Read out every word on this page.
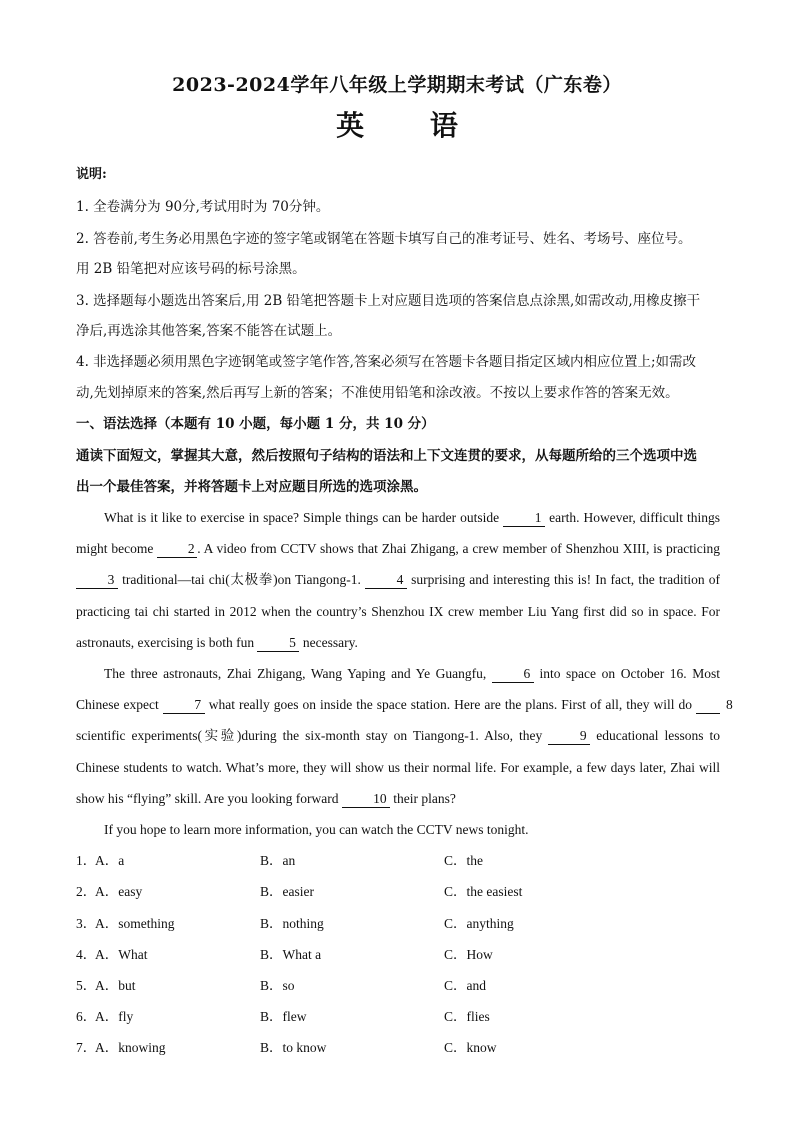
2023-2024学年八年级上学期期末考试（广东卷）
英 语
说明:
1. 全卷满分为 90分,考试用时为 70分钟。
2. 答卷前,考生务必用黑色字迹的签字笔或钢笔在答题卡填写自己的准考证号、姓名、考场号、座位号。
用 2B 铅笔把对应该号码的标号涂黑。
3. 选择题每小题选出答案后,用 2B 铅笔把答题卡上对应题目选项的答案信息点涂黑,如需改动,用橡皮擦干
净后,再选涂其他答案,答案不能答在试题上。
4. 非选择题必须用黑色字迹钢笔或签字笔作答,答案必须写在答题卡各题目指定区域内相应位置上;如需改
动,先划掉原来的答案,然后再写上新的答案；不准使用铅笔和涂改液。不按以上要求作答的答案无效。
一、语法选择（本题有 10 小题，每小题 1 分，共 10 分）
通读下面短文，掌握其大意，然后按照句子结构的语法和上下文连贯的要求，从每题所给的三个选项中选
出一个最佳答案，并将答题卡上对应题目所选的选项涂黑。

What is it like to exercise in space? Simple things can be harder outside 1 earth. However, difficult things might become 2 . A video from CCTV shows that Zhai Zhigang, a crew member of Shenzhou XIII, is practicing 3 traditional—tai chi(太极拳)on Tiangong-1. 4 surprising and interesting this is! In fact, the tradition of practicing tai chi started in 2012 when the country’s Shenzhou IX crew member Liu Yang first did so in space. For astronauts, exercising is both fun 5 necessary.

The three astronauts, Zhai Zhigang, Wang Yaping and Ye Guangfu, 6 into space on October 16. Most Chinese expect 7 what really goes on inside the space station. Here are the plans. First of all, they will do 8 scientific experiments(实验)during the six-month stay on Tiangong-1. Also, they 9 educational lessons to Chinese students to watch. What’s more, they will show us their normal life. For example, a few days later, Zhai will show his “flying” skill. Are you looking forward 10 their plans?

If you hope to learn more information, you can watch the CCTV news tonight.

1．
A．a	B．an	C．the
2．
A．easy	B．easier	C．the easiest
3．
A．something	B．nothing	C．anything
4．
A．What	B．What a	C．How
5．
A．but	B．so	C．and
6．
A．fly	B．flew	C．flies
7．
A．knowing	B．to know	C．know
